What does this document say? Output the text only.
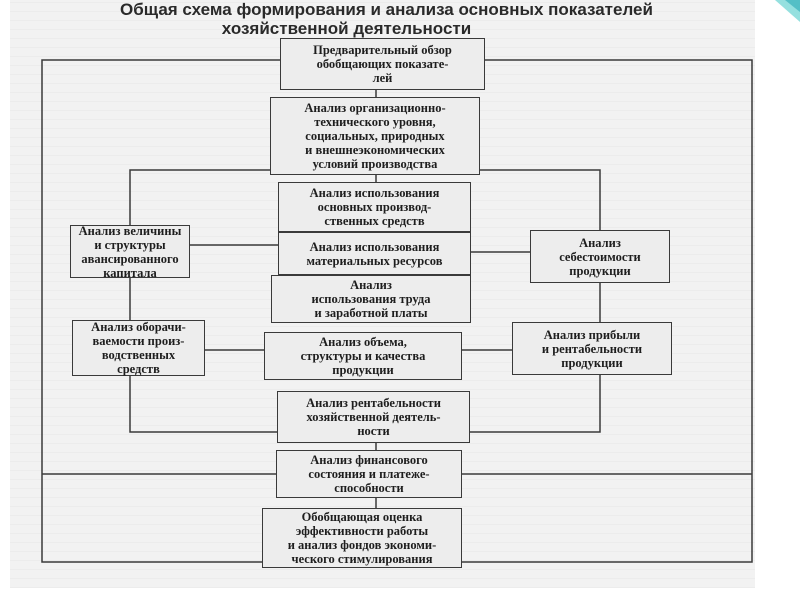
Общая схема формирования и анализа основных показателей
хозяйственной деятельности
Предварительный обзор
обобщающих показате-
лей
Анализ организационно-
технического уровня,
социальных, природных
и внешнеэкономических
условий производства
Анализ использования
основных производ-
ственных средств
Анализ использования
материальных ресурсов
Анализ
использования труда
и заработной платы
Анализ объема,
структуры и качества
продукции
Анализ рентабельности
хозяйственной деятель-
ности
Анализ финансового
состояния и платеже-
способности
Обобщающая оценка
эффективности работы
и анализ фондов экономи-
ческого стимулирования
Анализ величины
и структуры
авансированного
капитала
Анализ оборачи-
ваемости произ-
водственных
средств
Анализ
себестоимости
продукции
Анализ прибыли
и рентабельности
продукции
